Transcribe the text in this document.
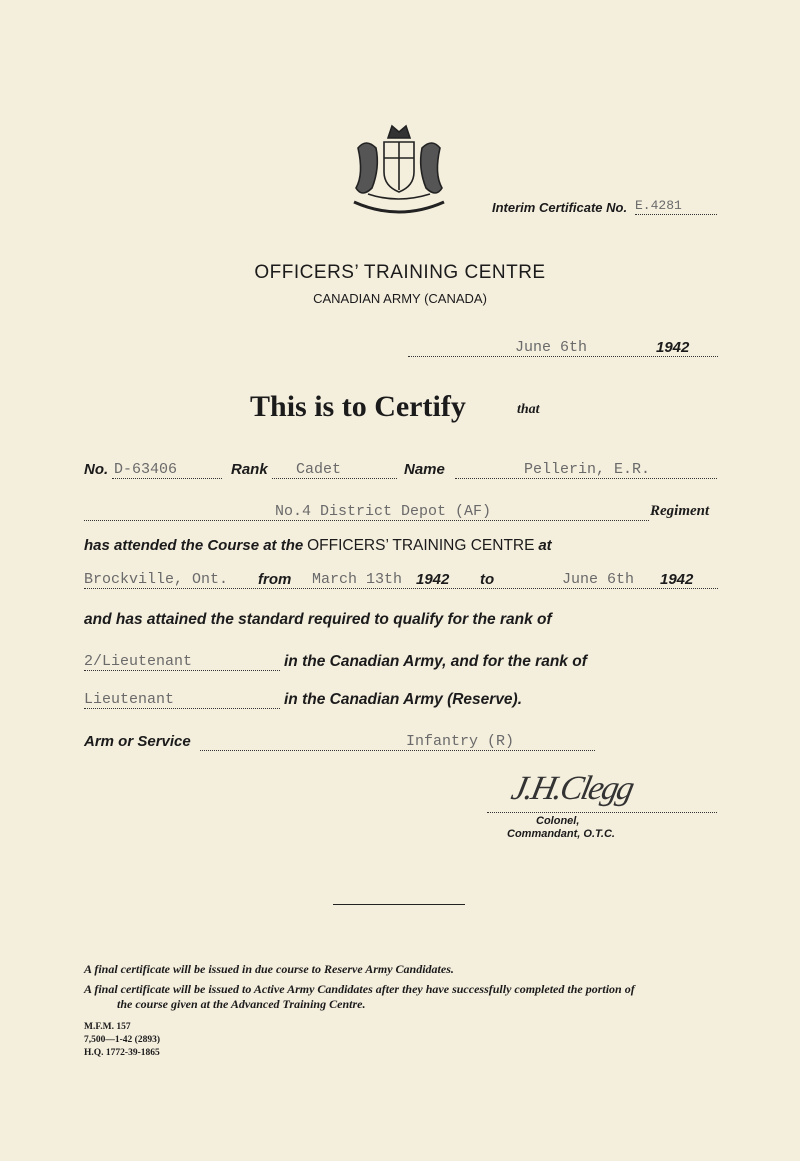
Interim Certificate No. E.4281
OFFICERS’ TRAINING CENTRE
CANADIAN ARMY (CANADA)
June 6th	1942
This is to Certify	that
No. D-63406	Rank Cadet	Name	Pellerin, E.R.
No.4 District Depot (AF)	Regiment
has attended the Course at the OFFICERS’ TRAINING CENTRE at
Brockville, Ont. from March 13th 1942 to	June 6th 1942
and has attained the standard required to qualify for the rank of
2/Lieutenant	in the Canadian Army, and for the rank of
Lieutenant	in the Canadian Army (Reserve).
Arm or Service	Infantry (R)
J.H.Clegg
Colonel,
Commandant, O.T.C.
A final certificate will be issued in due course to Reserve Army Candidates.
A final certificate will be issued to Active Army Candidates after they have successfully completed the portion of
the course given at the Advanced Training Centre.
M.F.M. 157
7,500—1-42 (2893)
H.Q. 1772-39-1865
